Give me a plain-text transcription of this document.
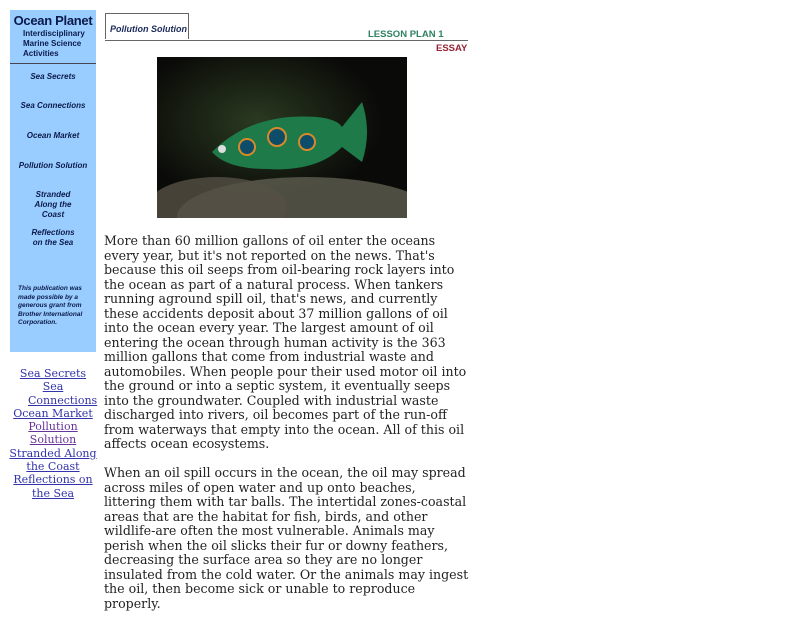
Ocean Planet
Interdisciplinary
Marine Science
Activities
Sea Secrets
Sea Connections
Ocean Market
Pollution Solution
Stranded Along the Coast
Reflections on the Sea
This publication was made possible by a generous grant from Brother International Corporation.
Sea Secrets
Sea Connections
Ocean Market
Pollution Solution
Stranded Along the Coast
Reflections on the Sea
Pollution Solution	LESSON PLAN 1
ESSAY

More than 60 million gallons of oil enter the oceans every year, but it's not reported on the news. That's because this oil seeps from oil-bearing rock layers into the ocean as part of a natural process. When tankers running aground spill oil, that's news, and currently these accidents deposit about 37 million gallons of oil into the ocean every year. The largest amount of oil entering the ocean through human activity is the 363 million gallons that come from industrial waste and automobiles. When people pour their used motor oil into the ground or into a septic system, it eventually seeps into the groundwater. Coupled with industrial waste discharged into rivers, oil becomes part of the run-off from waterways that empty into the ocean. All of this oil affects ocean ecosystems.

When an oil spill occurs in the ocean, the oil may spread across miles of open water and up onto beaches, littering them with tar balls. The intertidal zones-coastal areas that are the habitat for fish, birds, and other wildlife-are often the most vulnerable. Animals may perish when the oil slicks their fur or downy feathers, decreasing the surface area so they are no longer insulated from the cold water. Or the animals may ingest the oil, then become sick or unable to reproduce properly.
